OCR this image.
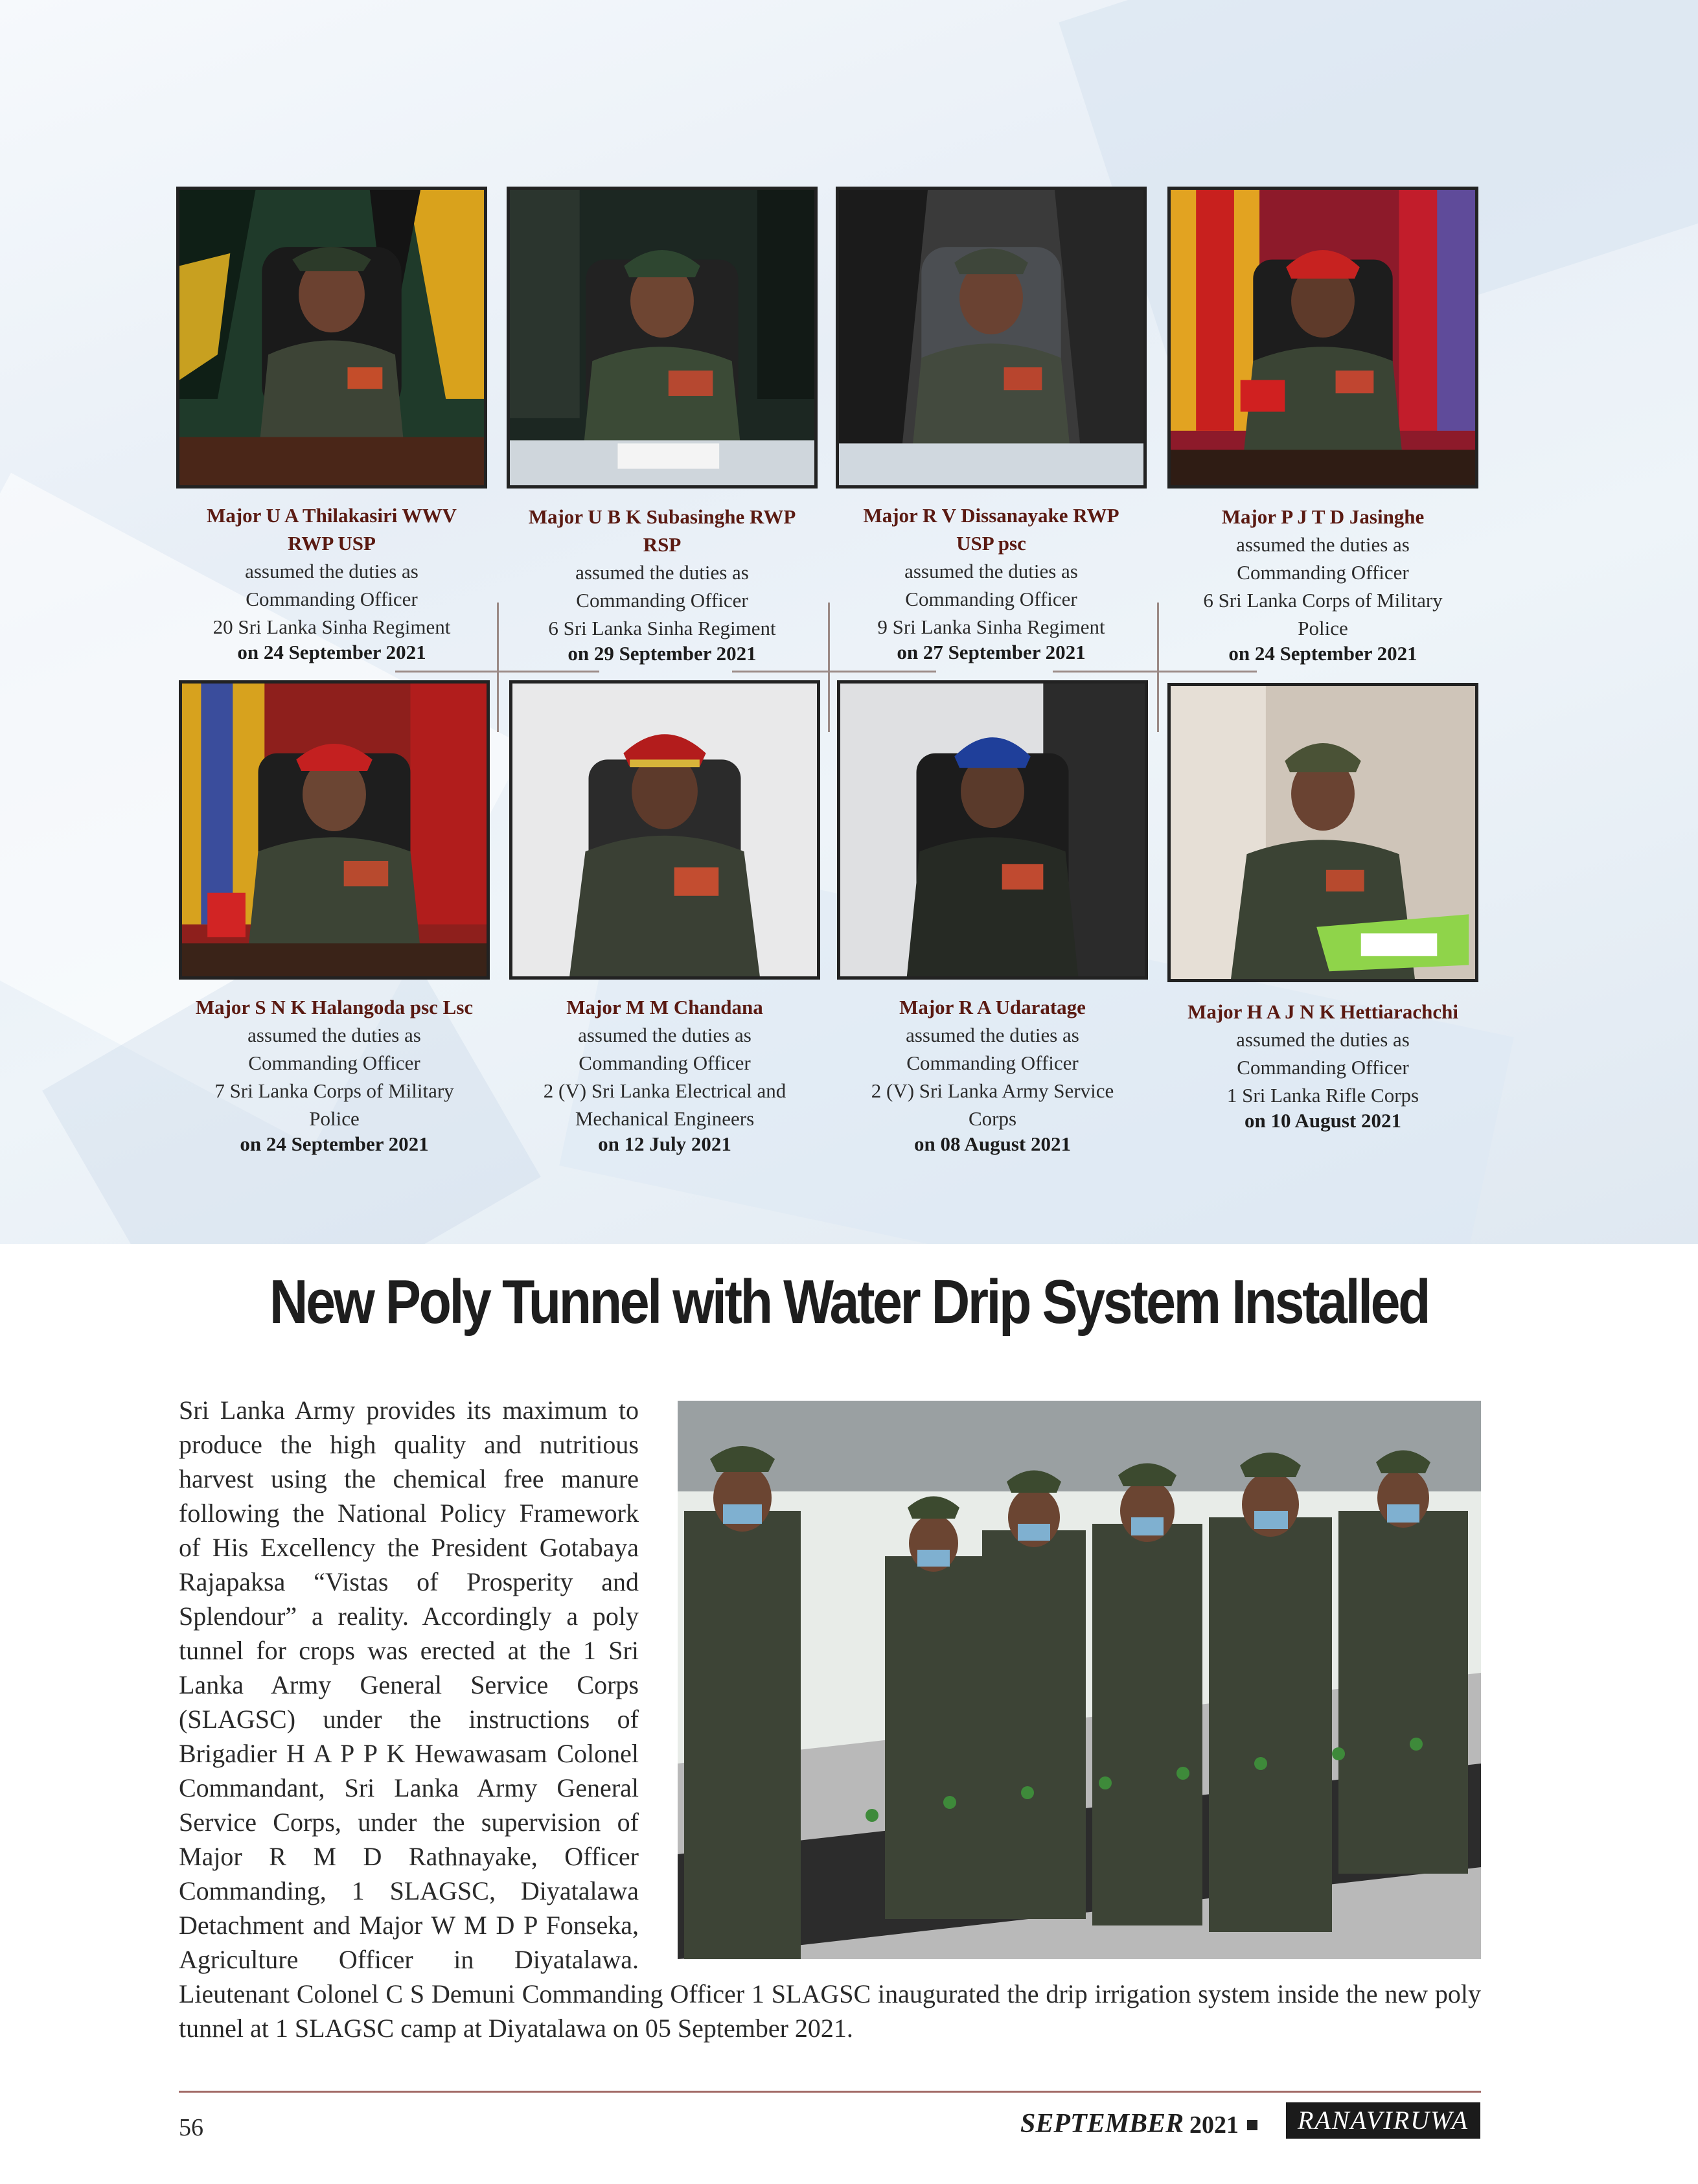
Major U A Thilakasiri WWV
RWP USP
assumed the duties as
Commanding Officer
20 Sri Lanka Sinha Regiment
on 24 September 2021
Major U B K Subasinghe RWP
RSP
assumed the duties as
Commanding Officer
6 Sri Lanka Sinha Regiment
on 29 September 2021
Major R V Dissanayake RWP
USP psc
assumed the duties as
Commanding Officer
9 Sri Lanka Sinha Regiment
on 27 September 2021
Major P J T D Jasinghe
assumed the duties as
Commanding Officer
6 Sri Lanka Corps of Military
Police
on 24 September 2021
Major S N K Halangoda psc Lsc
assumed the duties as
Commanding Officer
7 Sri Lanka Corps of Military
Police
on 24 September 2021
Major M M Chandana
assumed the duties as
Commanding Officer
2 (V) Sri Lanka Electrical and
Mechanical Engineers
on 12 July 2021
Major R A Udaratage
assumed the duties as
Commanding Officer
2 (V) Sri Lanka Army Service
Corps
on 08 August 2021
Major H A J N K Hettiarachchi
assumed the duties as
Commanding Officer
1 Sri Lanka Rifle Corps
on 10 August 2021
New Poly Tunnel with Water Drip System Installed
Sri Lanka Army provides its maximum to produce the high quality and nutritious harvest using the chemical free manure following the National Policy Framework of His Excellency the President Gotabaya Rajapaksa “Vistas of Prosperity and Splendour” a reality. Accordingly a poly tunnel for crops was erected at the 1 Sri Lanka Army General Service Corps (SLAGSC) under the instructions of Brigadier H A P P K Hewawasam Colonel Commandant, Sri Lanka Army General Service Corps, under the supervision of Major R M D Rathnayake, Officer Commanding, 1 SLAGSC, Diyatalawa Detachment and Major W M D P Fonseka, Agriculture Officer in Diyatalawa. Lieutenant Colonel C S Demuni Commanding Officer 1 SLAGSC inaugurated the drip irrigation system inside the new poly tunnel at 1 SLAGSC camp at Diyatalawa on 05 September 2021.
56	SEPTEMBER 2021	RANAVIRUWA
